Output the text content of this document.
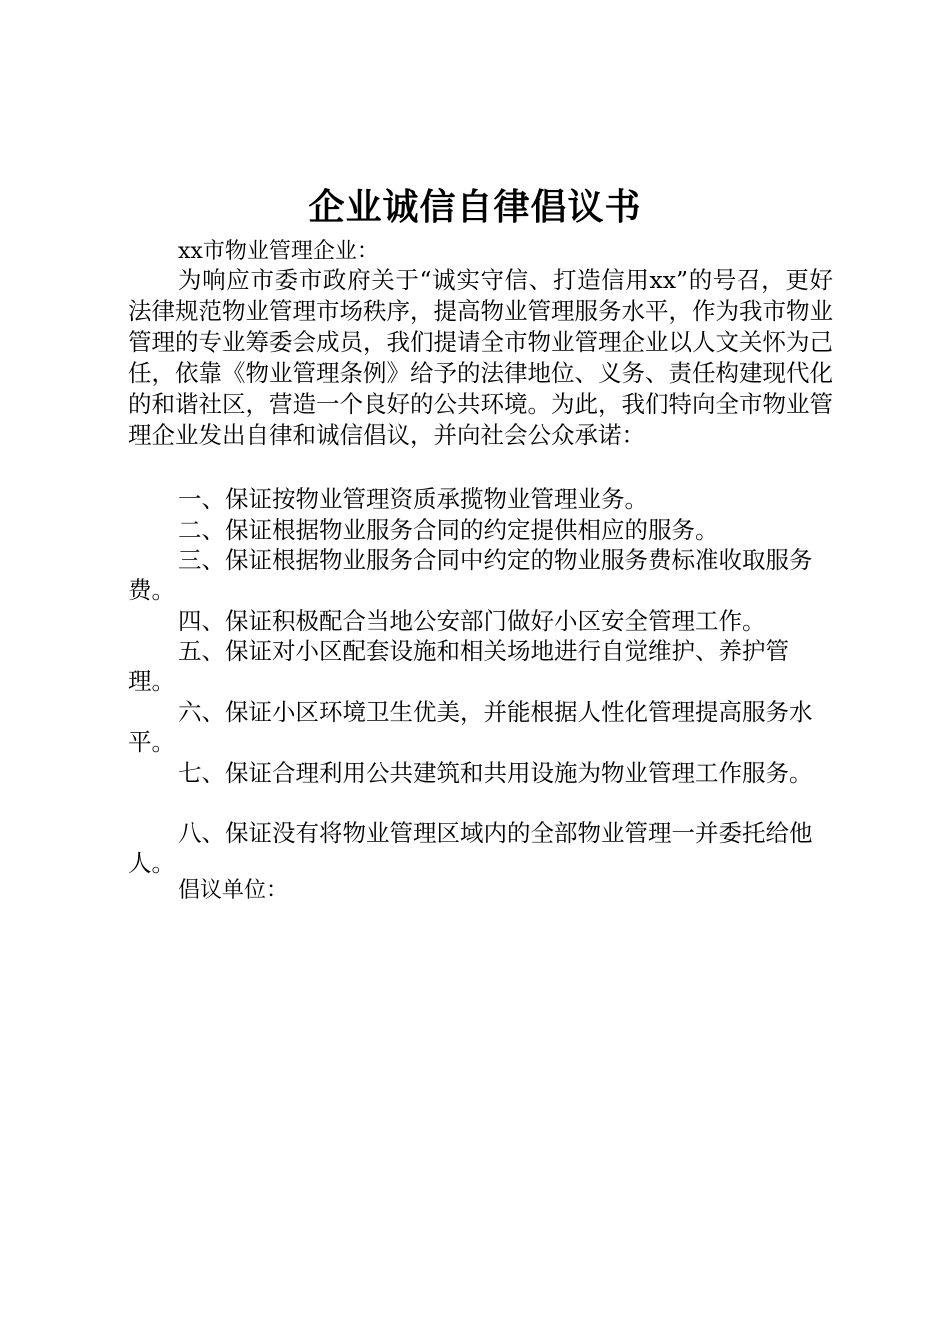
企业诚信自律倡议书

xx市物业管理企业：

为响应市委市政府关于“诚实守信、打造信用xx”的号召，更好法律规范物业管理市场秩序，提高物业管理服务水平，作为我市物业管理的专业筹委会成员，我们提请全市物业管理企业以人文关怀为己任，依靠《物业管理条例》给予的法律地位、义务、责任构建现代化的和谐社区，营造一个良好的公共环境。为此，我们特向全市物业管理企业发出自律和诚信倡议，并向社会公众承诺：

一、保证按物业管理资质承揽物业管理业务。

二、保证根据物业服务合同的约定提供相应的服务。

三、保证根据物业服务合同中约定的物业服务费标准收取服务费。

四、保证积极配合当地公安部门做好小区安全管理工作。

五、保证对小区配套设施和相关场地进行自觉维护、养护管理。

六、保证小区环境卫生优美，并能根据人性化管理提高服务水平。

七、保证合理利用公共建筑和共用设施为物业管理工作服务。

八、保证没有将物业管理区域内的全部物业管理一并委托给他人。

倡议单位：
